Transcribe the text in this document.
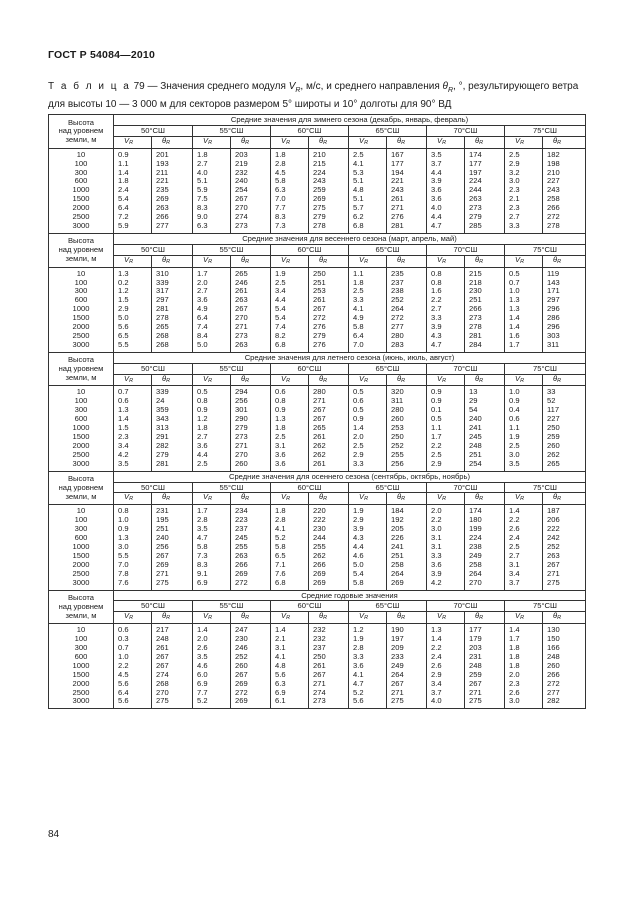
ГОСТ Р 54084—2010
Т а б л и ц а 79 — Значения среднего модуля $V_R$, м/с, и среднего направления $\theta_R$, °, результирующего ветра для высоты 10 — 3 000 м для секторов размером 5° широты и 10° долготы для 90° ВД
Высота
над уровнем
земли, м	Средние значения для зимнего сезона (декабрь, январь, февраль)											
	50°СШ		55°СШ		60°СШ		65°СШ		70°СШ		75°СШ	
	VR	θR	VR	θR	VR	θR	VR	θR	VR	θR	VR	θR
10	0.9	201	1.8	203	1.8	210	2.5	167	3.5	174	2.5	182
100	1.1	193	2.7	219	2.8	215	4.1	177	3.7	177	2.9	198
300	1.4	211	4.0	232	4.5	224	5.3	194	4.4	197	3.2	210
600	1.8	221	5.1	240	5.8	243	5.1	221	3.9	224	3.0	227
1000	2.4	235	5.9	254	6.3	259	4.8	243	3.6	244	2.3	243
1500	5.4	269	7.5	267	7.0	269	5.1	261	3.6	263	2.1	258
2000	6.4	263	8.3	270	7.7	275	5.7	271	4.0	273	2.3	266
2500	7.2	266	9.0	274	8.3	279	6.2	276	4.4	279	2.7	272
3000	5.9	277	6.3	273	7.3	278	6.8	281	4.7	285	3.3	278

Высота
над уровнем
земли, м	Средние значения для весеннего сезона (март, апрель, май)											
	50°СШ		55°СШ		60°СШ		65°СШ		70°СШ		75°СШ	
	VR	θR	VR	θR	VR	θR	VR	θR	VR	θR	VR	θR
10	1.3	310	1.7	265	1.9	250	1.1	235	0.8	215	0.5	119
100	0.2	339	2.0	246	2.5	251	1.8	237	0.8	218	0.7	143
300	1.2	317	2.7	261	3.4	253	2.5	238	1.6	230	1.0	171
600	1.5	297	3.6	263	4.4	261	3.3	252	2.2	251	1.3	297
1000	2.9	281	4.9	267	5.4	267	4.1	264	2.7	266	1.3	296
1500	5.0	278	6.4	270	5.4	272	4.9	272	3.3	273	1.4	286
2000	5.6	265	7.4	271	7.4	276	5.8	277	3.9	278	1.4	296
2500	6.5	268	8.4	273	8.2	279	6.4	280	4.3	281	1.6	303
3000	5.5	268	5.0	263	6.8	276	7.0	283	4.7	284	1.7	311

Высота
над уровнем
земли, м	Средние значения для летнего сезона (июнь, июль, август)											
	50°СШ		55°СШ		60°СШ		65°СШ		70°СШ		75°СШ	
	VR	θR	VR	θR	VR	θR	VR	θR	VR	θR	VR	θR
10	0.7	339	0.5	294	0.6	280	0.5	320	0.9	13	1.0	33
100	0.6	24	0.8	256	0.8	271	0.6	311	0.9	29	0.9	52
300	1.3	359	0.9	301	0.9	267	0.5	280	0.1	54	0.4	117
600	1.4	343	1.2	290	1.3	267	0.9	260	0.5	240	0.6	227
1000	1.5	313	1.8	279	1.8	265	1.4	253	1.1	241	1.1	250
1500	2.3	291	2.7	273	2.5	261	2.0	250	1.7	245	1.9	259
2000	3.4	282	3.6	271	3.1	262	2.5	252	2.2	248	2.5	260
2500	4.2	279	4.4	270	3.6	262	2.9	255	2.5	251	3.0	262
3000	3.5	281	2.5	260	3.6	261	3.3	256	2.9	254	3.5	265

Высота
над уровнем
земли, м	Средние значения для осеннего сезона (сентябрь, октябрь, ноябрь)											
	50°СШ		55°СШ		60°СШ		65°СШ		70°СШ		75°СШ	
	VR	θR	VR	θR	VR	θR	VR	θR	VR	θR	VR	θR
10	0.8	231	1.7	234	1.8	220	1.9	184	2.0	174	1.4	187
100	1.0	195	2.8	223	2.8	222	2.9	192	2.2	180	2.2	206
300	0.9	251	3.5	237	4.1	230	3.9	205	3.0	199	2.6	222
600	1.3	240	4.7	245	5.2	244	4.3	226	3.1	224	2.4	242
1000	3.0	256	5.8	255	5.8	255	4.4	241	3.1	238	2.5	252
1500	5.5	267	7.3	263	6.5	262	4.6	251	3.3	249	2.7	263
2000	7.0	269	8.3	266	7.1	266	5.0	258	3.6	258	3.1	267
2500	7.8	271	9.1	269	7.6	269	5.4	264	3.9	264	3.4	271
3000	7.6	275	6.9	272	6.8	269	5.8	269	4.2	270	3.7	275

Высота
над уровнем
земли, м	Средние годовые значения											
	50°СШ		55°СШ		60°СШ		65°СШ		70°СШ		75°СШ	
	VR	θR	VR	θR	VR	θR	VR	θR	VR	θR	VR	θR
10	0.6	217	1.4	247	1.4	232	1.2	190	1.3	177	1.4	130
100	0.3	248	2.0	230	2.1	232	1.9	197	1.4	179	1.7	150
300	0.7	261	2.6	246	3.1	237	2.8	209	2.2	203	1.8	166
600	1.0	267	3.5	252	4.1	250	3.3	233	2.4	231	1.8	248
1000	2.2	267	4.6	260	4.8	261	3.6	249	2.6	248	1.8	260
1500	4.5	274	6.0	267	5.6	267	4.1	264	2.9	259	2.0	266
2000	5.6	268	6.9	269	6.3	271	4.7	267	3.4	267	2.3	272
2500	6.4	270	7.7	272	6.9	274	5.2	271	3.7	271	2.6	277
3000	5.6	275	5.2	269	6.1	273	5.6	275	4.0	275	3.0	282
84
